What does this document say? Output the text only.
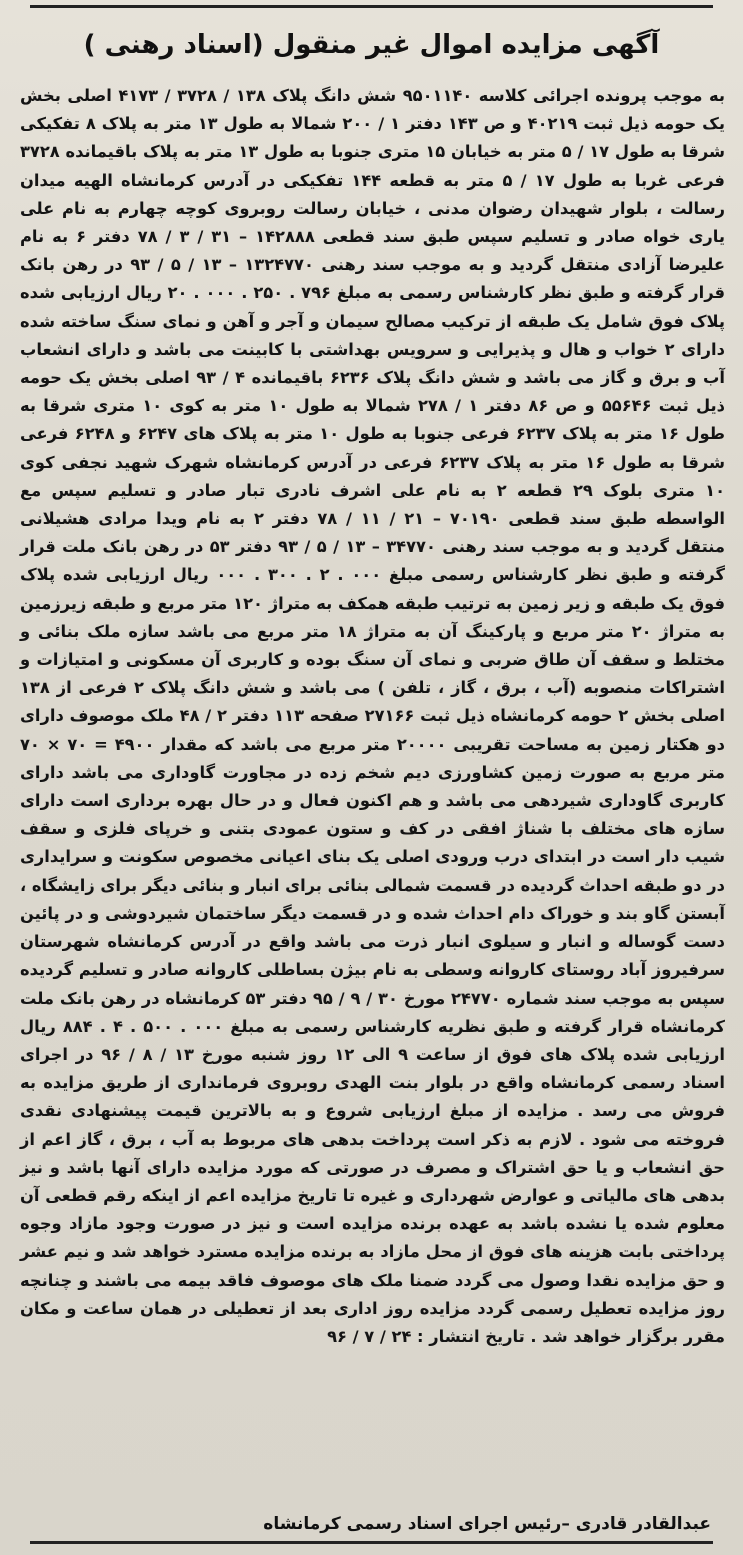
آگهی مزایده اموال غیر منقول (اسناد رهنی )
به موجب پرونده اجرائی کلاسه ۹۵۰۱۱۴۰ شش دانگ پلاک ۱۳۸ / ۳۷۲۸ / ۴۱۷۳ اصلی بخش یک حومه ذیل ثبت ۴۰۲۱۹ و ص ۱۴۳ دفتر ۱ / ۲۰۰ شمالا به طول ۱۳ متر به پلاک ۸ تفکیکی شرقا به طول ۱۷ / ۵ متر به خیابان ۱۵ متری جنوبا به طول ۱۳ متر به پلاک باقیمانده ۳۷۲۸ فرعی غربا به طول ۱۷ / ۵ متر به قطعه ۱۴۴ تفکیکی در آدرس کرمانشاه الهیه میدان رسالت ، بلوار شهیدان رضوان مدنی ، خیابان رسالت روبروی کوچه چهارم به نام علی یاری خواه صادر و تسلیم سپس طبق سند قطعی ۱۴۲۸۸۸ – ۳۱ / ۳ / ۷۸ دفتر ۶ به نام علیرضا آزادی منتقل گردید و به موجب سند رهنی ۱۳۲۴۷۷۰ – ۱۳ / ۵ / ۹۳ در رهن بانک قرار گرفته و طبق نظر کارشناس رسمی به مبلغ ۷۹۶ . ۲۵۰ . ۰۰۰ . ۲۰ ریال ارزیابی شده پلاک فوق شامل یک طبقه از ترکیب مصالح سیمان و آجر و آهن و نمای سنگ ساخته شده دارای ۲ خواب و هال و پذیرایی و سرویس بهداشتی با کابینت می باشد و دارای انشعاب آب و برق و گاز می باشد و شش دانگ پلاک ۶۲۳۶ باقیمانده ۴ / ۹۳ اصلی بخش یک حومه ذیل ثبت ۵۵۶۴۶ و ص ۸۶ دفتر ۱ / ۲۷۸ شمالا به طول ۱۰ متر به کوی ۱۰ متری شرقا به طول ۱۶ متر به پلاک ۶۲۳۷ فرعی جنوبا به طول ۱۰ متر به پلاک های ۶۲۴۷ و ۶۲۴۸ فرعی شرقا به طول ۱۶ متر به پلاک ۶۲۳۷ فرعی در آدرس کرمانشاه شهرک شهید نجفی کوی ۱۰ متری بلوک ۲۹ قطعه ۲ به نام علی اشرف نادری تبار صادر و تسلیم سپس مع الواسطه طبق سند قطعی ۷۰۱۹۰ – ۲۱ / ۱۱ / ۷۸ دفتر ۲ به نام ویدا مرادی هشیلانی منتقل گردید و به موجب سند رهنی ۳۴۷۷۰ – ۱۳ / ۵ / ۹۳ دفتر ۵۳ در رهن بانک ملت قرار گرفته و طبق نظر کارشناس رسمی مبلغ ۰۰۰ . ۲ . ۳۰۰ . ۰۰۰ ریال ارزیابی شده پلاک فوق یک طبقه و زیر زمین به ترتیب طبقه همکف به متراژ ۱۲۰ متر مربع و طبقه زیرزمین به متراژ ۲۰ متر مربع و پارکینگ آن به متراژ ۱۸ متر مربع می باشد سازه ملک بنائی و مختلط و سقف آن طاق ضربی و نمای آن سنگ بوده و کاربری آن مسکونی و امتیازات و اشتراکات منصوبه (آب ، برق ، گاز ، تلفن ) می باشد و شش دانگ پلاک ۲ فرعی از ۱۳۸ اصلی بخش ۲ حومه کرمانشاه ذیل ثبت ۲۷۱۶۶ صفحه ۱۱۳ دفتر ۲ / ۴۸ ملک موصوف دارای دو هکتار زمین به مساحت تقریبی ۲۰۰۰۰ متر مربع می باشد که مقدار ۴۹۰۰ = ۷۰ × ۷۰ متر مربع به صورت زمین کشاورزی دیم شخم زده در مجاورت گاوداری می باشد دارای کاربری گاوداری شیردهی می باشد و هم اکنون فعال و در حال بهره برداری است دارای سازه های مختلف با شناژ افقی در کف و ستون عمودی بتنی و خرپای فلزی و سقف شیب دار است در ابتدای درب ورودی اصلی یک بنای اعیانی مخصوص سکونت و سرایداری در دو طبقه احداث گردیده در قسمت شمالی بنائی برای انبار و بنائی دیگر برای زایشگاه ، آبستن گاو بند و خوراک دام احداث شده و در قسمت دیگر ساختمان شیردوشی و در پائین دست گوساله و انبار و سیلوی انبار ذرت می باشد واقع در آدرس کرمانشاه شهرستان سرفیروز آباد روستای کاروانه وسطی به نام بیژن بساطلی کاروانه صادر و تسلیم گردیده سپس به موجب سند شماره ۲۴۷۷۰ مورخ ۳۰ / ۹ / ۹۵ دفتر ۵۳ کرمانشاه در رهن بانک ملت کرمانشاه قرار گرفته و طبق نظریه کارشناس رسمی به مبلغ ۰۰۰ . ۵۰۰ . ۴ . ۸۸۴ ریال ارزیابی شده پلاک های فوق از ساعت ۹ الی ۱۲ روز شنبه مورخ ۱۳ / ۸ / ۹۶ در اجرای اسناد رسمی کرمانشاه واقع در بلوار بنت الهدی روبروی فرمانداری از طریق مزایده به فروش می رسد . مزایده از مبلغ ارزیابی شروع و به بالاترین قیمت پیشنهادی نقدی فروخته می شود . لازم به ذکر است پرداخت بدهی های مربوط به آب ، برق ، گاز اعم از حق انشعاب و یا حق اشتراک و مصرف در صورتی که مورد مزایده دارای آنها باشد و نیز بدهی های مالیاتی و عوارض شهرداری و غیره تا تاریخ مزایده اعم از اینکه رقم قطعی آن معلوم شده یا نشده باشد به عهده برنده مزایده است و نیز در صورت وجود مازاد وجوه پرداختی بابت هزینه های فوق از محل مازاد به برنده مزایده مسترد خواهد شد و نیم عشر و حق مزایده نقدا وصول می گردد ضمنا ملک های موصوف فاقد بیمه می باشند و چنانچه روز مزایده تعطیل رسمی گردد مزایده روز اداری بعد از تعطیلی در همان ساعت و مکان مقرر برگزار خواهد شد . تاریخ انتشار : ۲۴ / ۷ / ۹۶
عبدالقادر قادری –رئیس اجرای اسناد رسمی کرمانشاه
